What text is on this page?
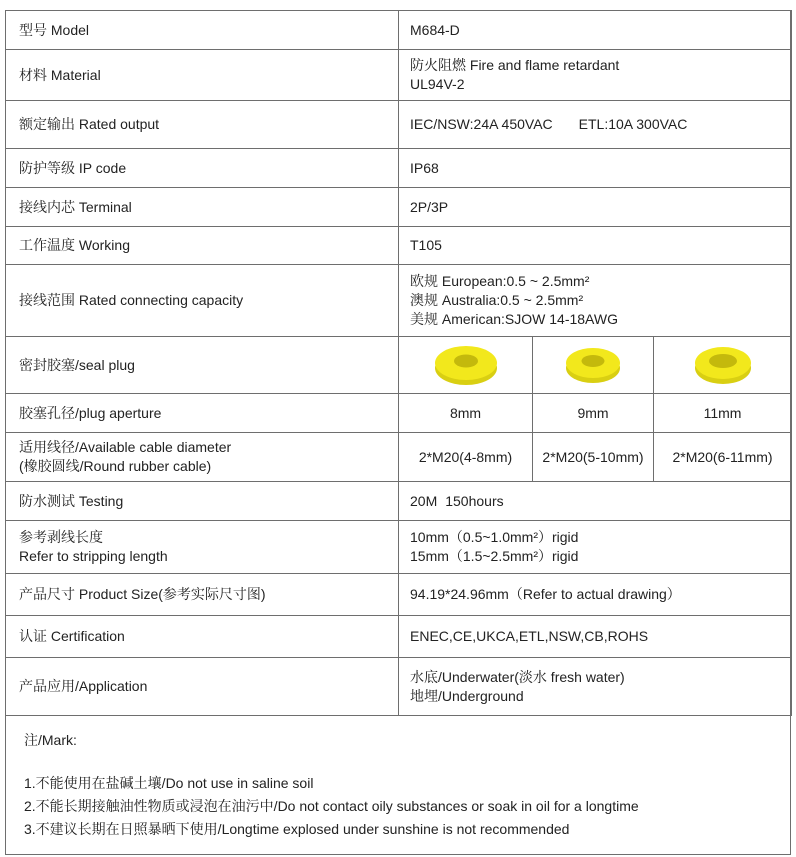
型号 Model	M684-D		
材料 Material	防火阻燃 Fire and flame retardant
UL94V-2		

额定输出 Rated output	IEC/NSW:24A 450VAC ETL:10A 300VAC		
防护等级 IP code	IP68		
接线内芯 Terminal	2P/3P		
工作温度 Working	T105		
接线范围 Rated connecting capacity	欧规 European:0.5 ~ 2.5mm²
澳规 Australia:0.5 ~ 2.5mm²
美规 American:SJOW 14-18AWG		

密封胶塞/seal plug	

胶塞孔径/plug aperture	8mm	9mm	11mm

适用线径/Available cable diameter
(橡胶圆线/Round rubber cable)	2*M20(4-8mm)	2*M20(5-10mm)	2*M20(6-11mm)
防水测试 Testing	20M 150hours		

参考剥线长度
Refer to stripping length	10mm（0.5~1.0mm²）rigid
15mm（1.5~2.5mm²）rigid		

产品尺寸 Product Size(参考实际尺寸图)	94.19*24.96mm（Refer to actual drawing）		
认证 Certification	ENEC,CE,UKCA,ETL,NSW,CB,ROHS		
产品应用/Application	水底/Underwater(淡水 fresh water)
地埋/Underground		
注/Mark:
1.不能使用在盐碱土壤/Do not use in saline soil
2.不能长期接触油性物质或浸泡在油污中/Do not contact oily substances or soak in oil for a longtime
3.不建议长期在日照暴晒下使用/Longtime explosed under sunshine is not recommended
